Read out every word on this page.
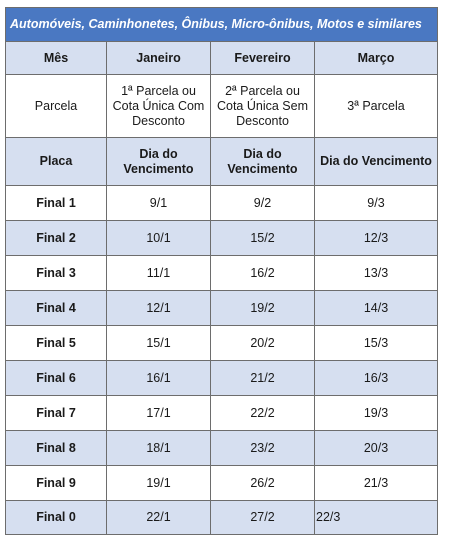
Automóveis, Caminhonetes, Ônibus, Micro-ônibus, Motos e similares			
Mês	Janeiro	Fevereiro	Março
Parcela	1ª Parcela ou Cota Única Com Desconto	2ª Parcela ou Cota Única Sem Desconto	3ª Parcela
Placa	Dia do Vencimento	Dia do Vencimento	Dia do Vencimento
Final 1	9/1	9/2	9/3
Final 2	10/1	15/2	12/3
Final 3	11/1	16/2	13/3
Final 4	12/1	19/2	14/3
Final 5	15/1	20/2	15/3
Final 6	16/1	21/2	16/3
Final 7	17/1	22/2	19/3
Final 8	18/1	23/2	20/3
Final 9	19/1	26/2	21/3
Final 0	22/1	27/2	22/3
